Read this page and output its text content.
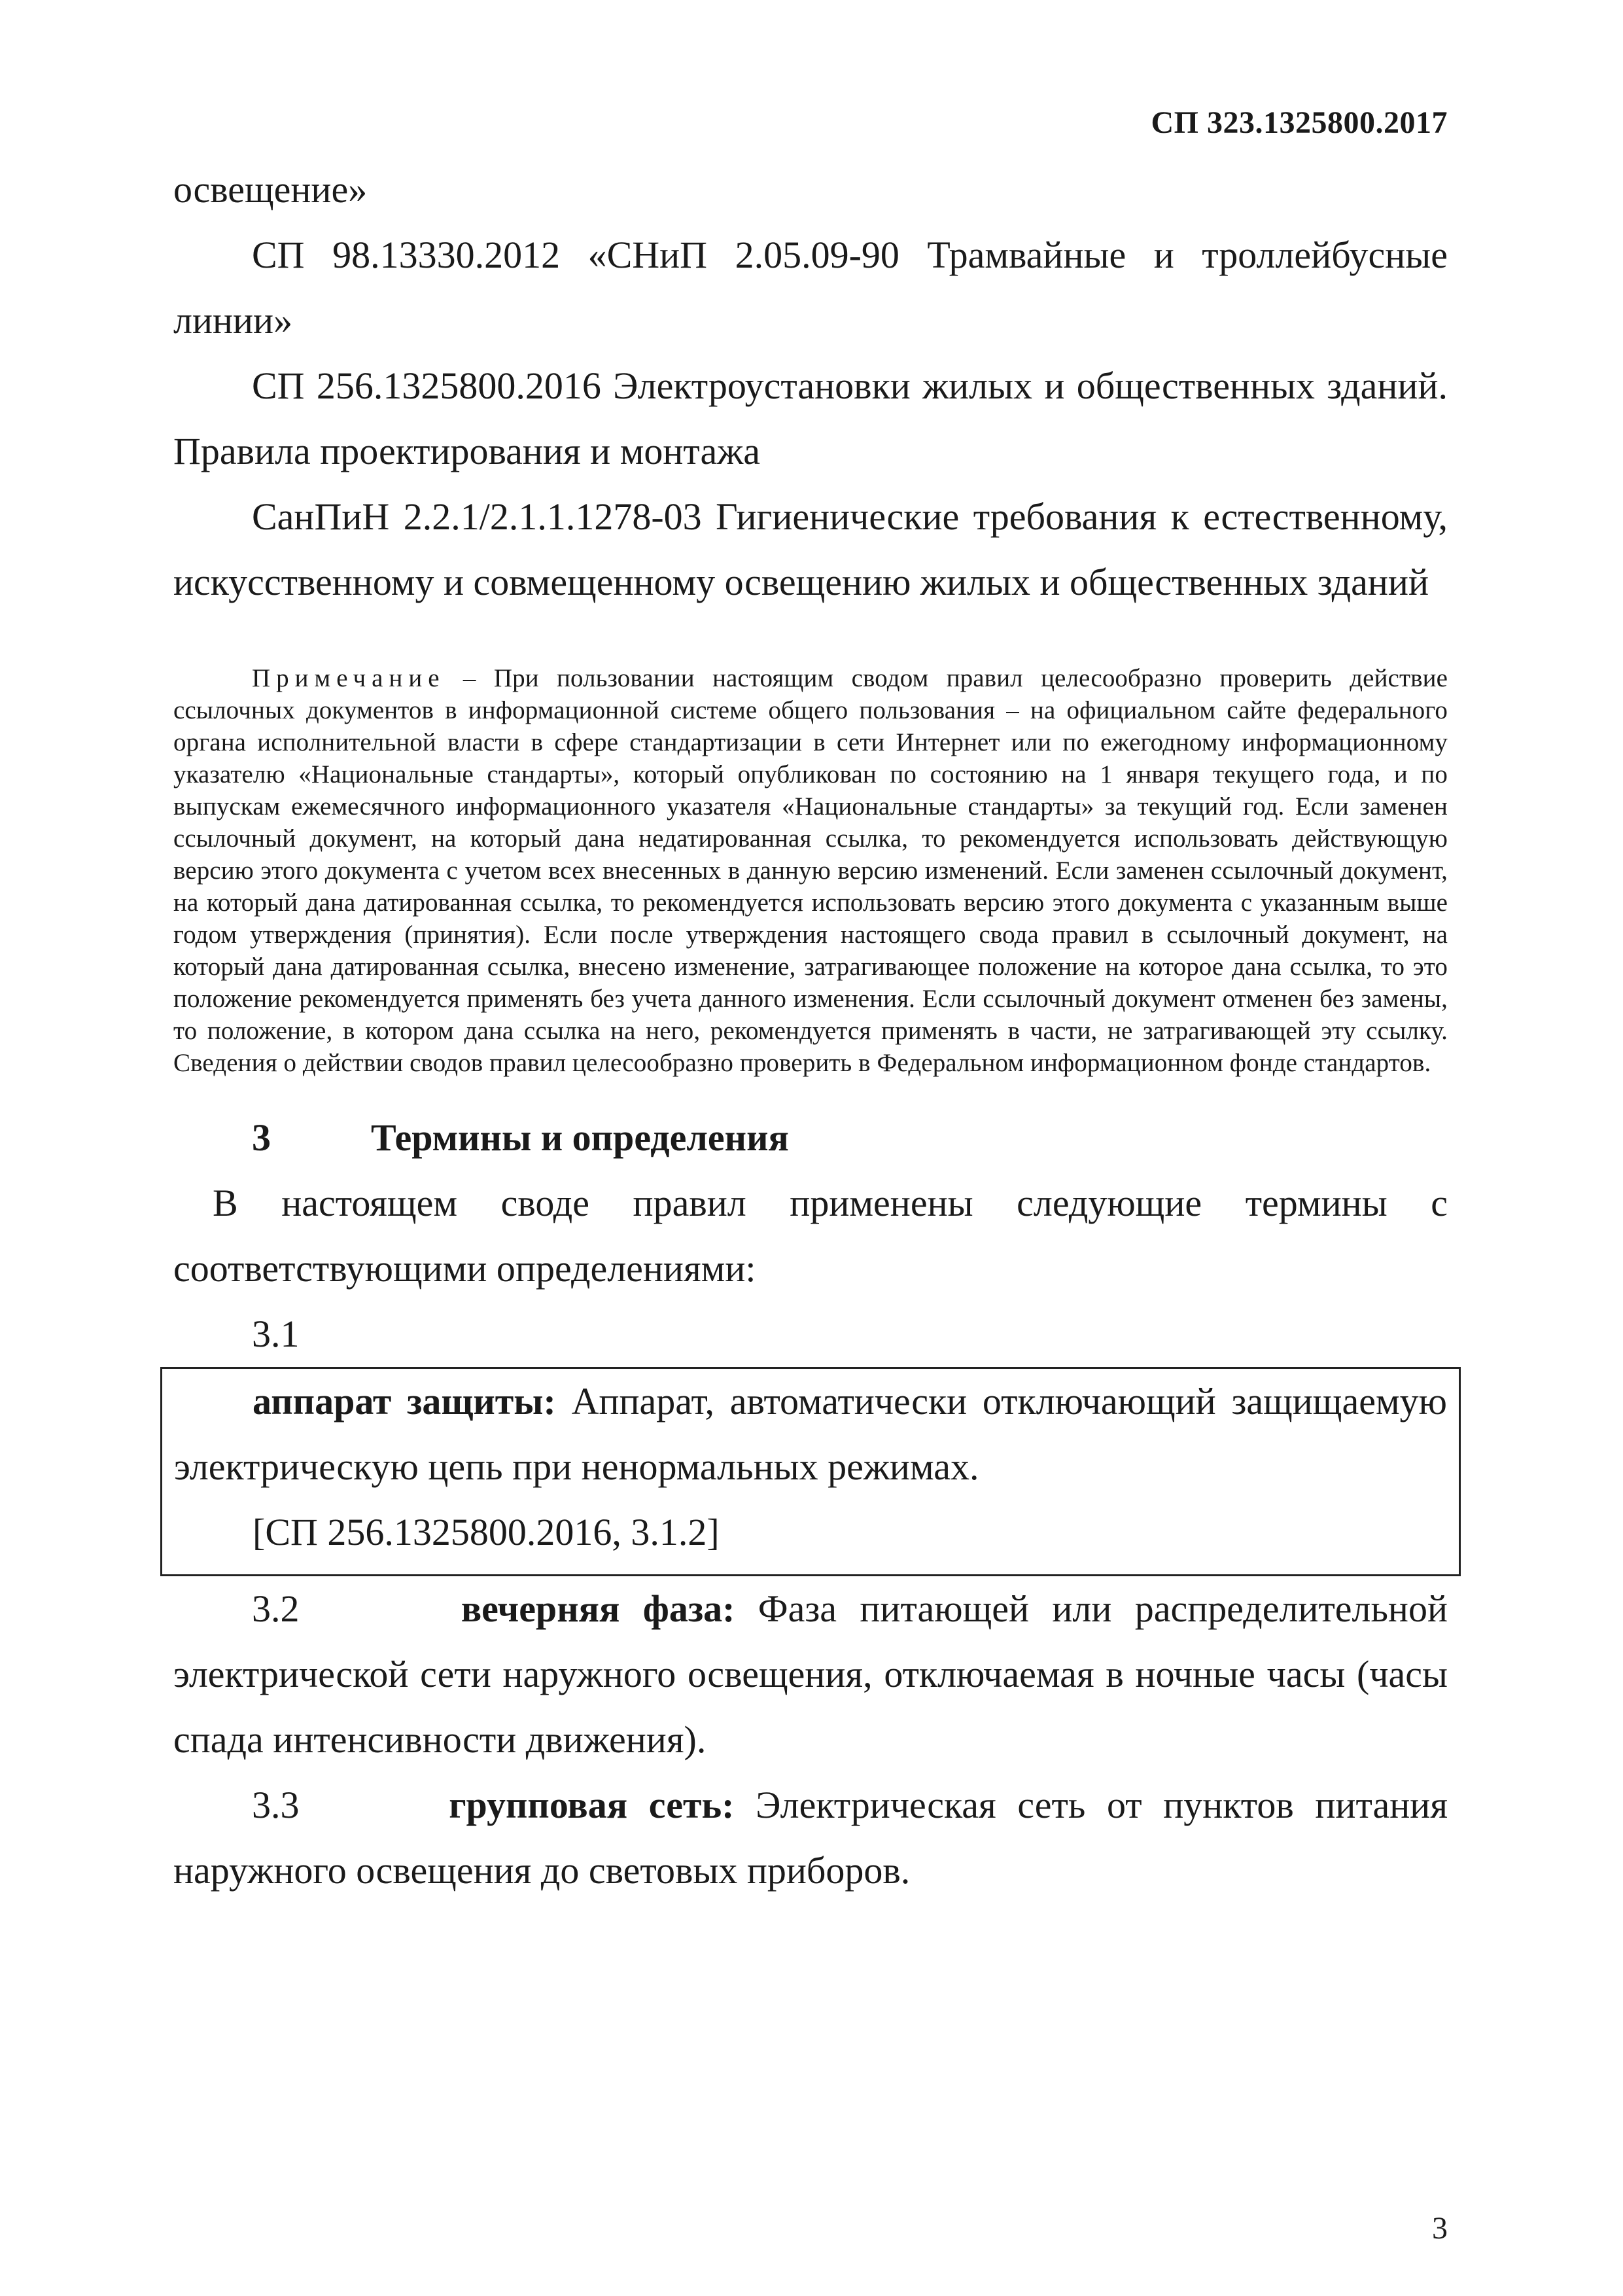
СП 323.1325800.2017

освещение»

СП 98.13330.2012 «СНиП 2.05.09-90 Трамвайные и троллейбусные линии»

СП 256.1325800.2016 Электроустановки жилых и общественных зданий. Правила проектирования и монтажа

СанПиН 2.2.1/2.1.1.1278-03 Гигиенические требования к естественному, искусственному и совмещенному освещению жилых и общественных зданий

Примечание – При пользовании настоящим сводом правил целесообразно проверить действие ссылочных документов в информационной системе общего пользования – на официальном сайте федерального органа исполнительной власти в сфере стандартизации в сети Интернет или по ежегодному информационному указателю «Национальные стандарты», который опубликован по состоянию на 1 января текущего года, и по выпускам ежемесячного информационного указателя «Национальные стандарты» за текущий год. Если заменен ссылочный документ, на который дана недатированная ссылка, то рекомендуется использовать действующую версию этого документа с учетом всех внесенных в данную версию изменений. Если заменен ссылочный документ, на который дана датированная ссылка, то рекомендуется использовать версию этого документа с указанным выше годом утверждения (принятия). Если после утверждения настоящего свода правил в ссылочный документ, на который дана датированная ссылка, внесено изменение, затрагивающее положение на которое дана ссылка, то это положение рекомендуется применять без учета данного изменения. Если ссылочный документ отменен без замены, то положение, в котором дана ссылка на него, рекомендуется применять в части, не затрагивающей эту ссылку. Сведения о действии сводов правил целесообразно проверить в Федеральном информационном фонде стандартов.

3	Термины и определения

В настоящем своде правил применены следующие термины с соответствующими определениями:

3.1

аппарат защиты: Аппарат, автоматически отключающий защищаемую электрическую цепь при ненормальных режимах.

[СП 256.1325800.2016, 3.1.2]

3.2	вечерняя фаза: Фаза питающей или распределительной электрической сети наружного освещения, отключаемая в ночные часы (часы спада интенсивности движения).

3.3	групповая сеть: Электрическая сеть от пунктов питания наружного освещения до световых приборов.

3
